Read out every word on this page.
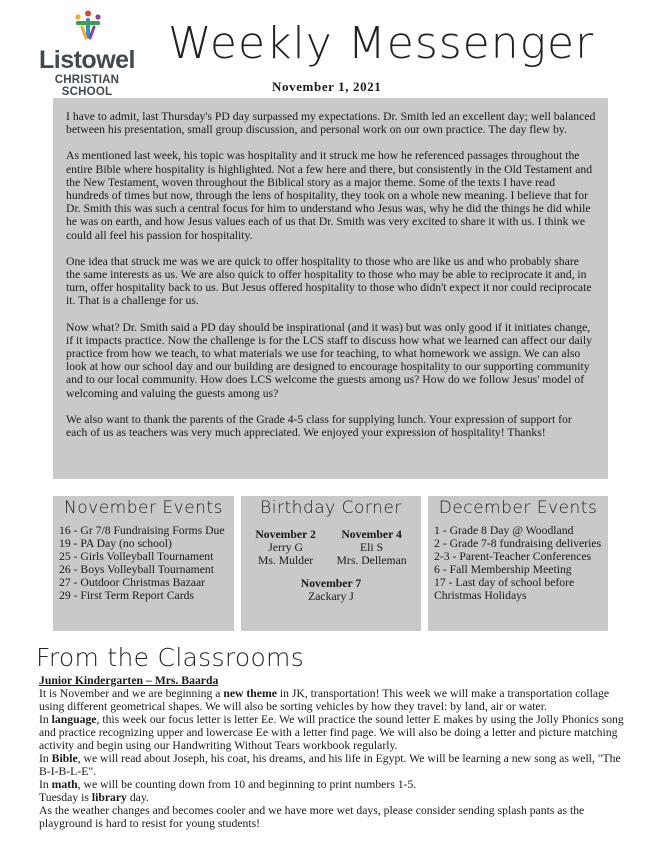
Listowel
CHRISTIAN SCHOOL
Weekly Messenger
November 1, 2021

I have to admit, last Thursday's PD day surpassed my expectations. Dr. Smith led an excellent day; well balanced between his presentation, small group discussion, and personal work on our own practice. The day flew by.

As mentioned last week, his topic was hospitality and it struck me how he referenced passages throughout the entire Bible where hospitality is highlighted. Not a few here and there, but consistently in the Old Testament and the New Testament, woven throughout the Biblical story as a major theme. Some of the texts I have read hundreds of times but now, through the lens of hospitality, they took on a whole new meaning. I believe that for Dr. Smith this was such a central focus for him to understand who Jesus was, why he did the things he did while he was on earth, and how Jesus values each of us that Dr. Smith was very excited to share it with us. I think we could all feel his passion for hospitality.

One idea that struck me was we are quick to offer hospitality to those who are like us and who probably share the same interests as us. We are also quick to offer hospitality to those who may be able to reciprocate it and, in turn, offer hospitality back to us. But Jesus offered hospitality to those who didn't expect it nor could reciprocate it. That is a challenge for us.

Now what? Dr. Smith said a PD day should be inspirational (and it was) but was only good if it initiates change, if it impacts practice. Now the challenge is for the LCS staff to discuss how what we learned can affect our daily practice from how we teach, to what materials we use for teaching, to what homework we assign. We can also look at how our school day and our building are designed to encourage hospitality to our supporting community and to our local community. How does LCS welcome the guests among us? How do we follow Jesus' model of welcoming and valuing the guests among us?

We also want to thank the parents of the Grade 4-5 class for supplying lunch. Your expression of support for each of us as teachers was very much appreciated. We enjoyed your expression of hospitality! Thanks!

November Events
16 - Gr 7/8 Fundraising Forms Due
19 - PA Day (no school)
25 - Girls Volleyball Tournament
26 - Boys Volleyball Tournament
27 - Outdoor Christmas Bazaar
29 - First Term Report Cards
Birthday Corner
November 2
Jerry G
Ms. Mulder
November 4
Eli S
Mrs. Delleman
November 7
Zackary J
December Events
1 - Grade 8 Day @ Woodland
2 - Grade 7-8 fundraising deliveries
2-3 - Parent-Teacher Conferences
6 - Fall Membership Meeting
17 - Last day of school before Christmas Holidays
From the Classrooms
Junior Kindergarten – Mrs. Baarda

It is November and we are beginning a new theme in JK, transportation! This week we will make a transportation collage using different geometrical shapes. We will also be sorting vehicles by how they travel: by land, air or water.

In language, this week our focus letter is letter Ee. We will practice the sound letter E makes by using the Jolly Phonics song and practice recognizing upper and lowercase Ee with a letter find page. We will also be doing a letter and picture matching activity and begin using our Handwriting Without Tears workbook regularly.

In Bible, we will read about Joseph, his coat, his dreams, and his life in Egypt. We will be learning a new song as well, "The B-I-B-L-E".

In math, we will be counting down from 10 and beginning to print numbers 1-5.

Tuesday is library day.

As the weather changes and becomes cooler and we have more wet days, please consider sending splash pants as the playground is hard to resist for young students!
